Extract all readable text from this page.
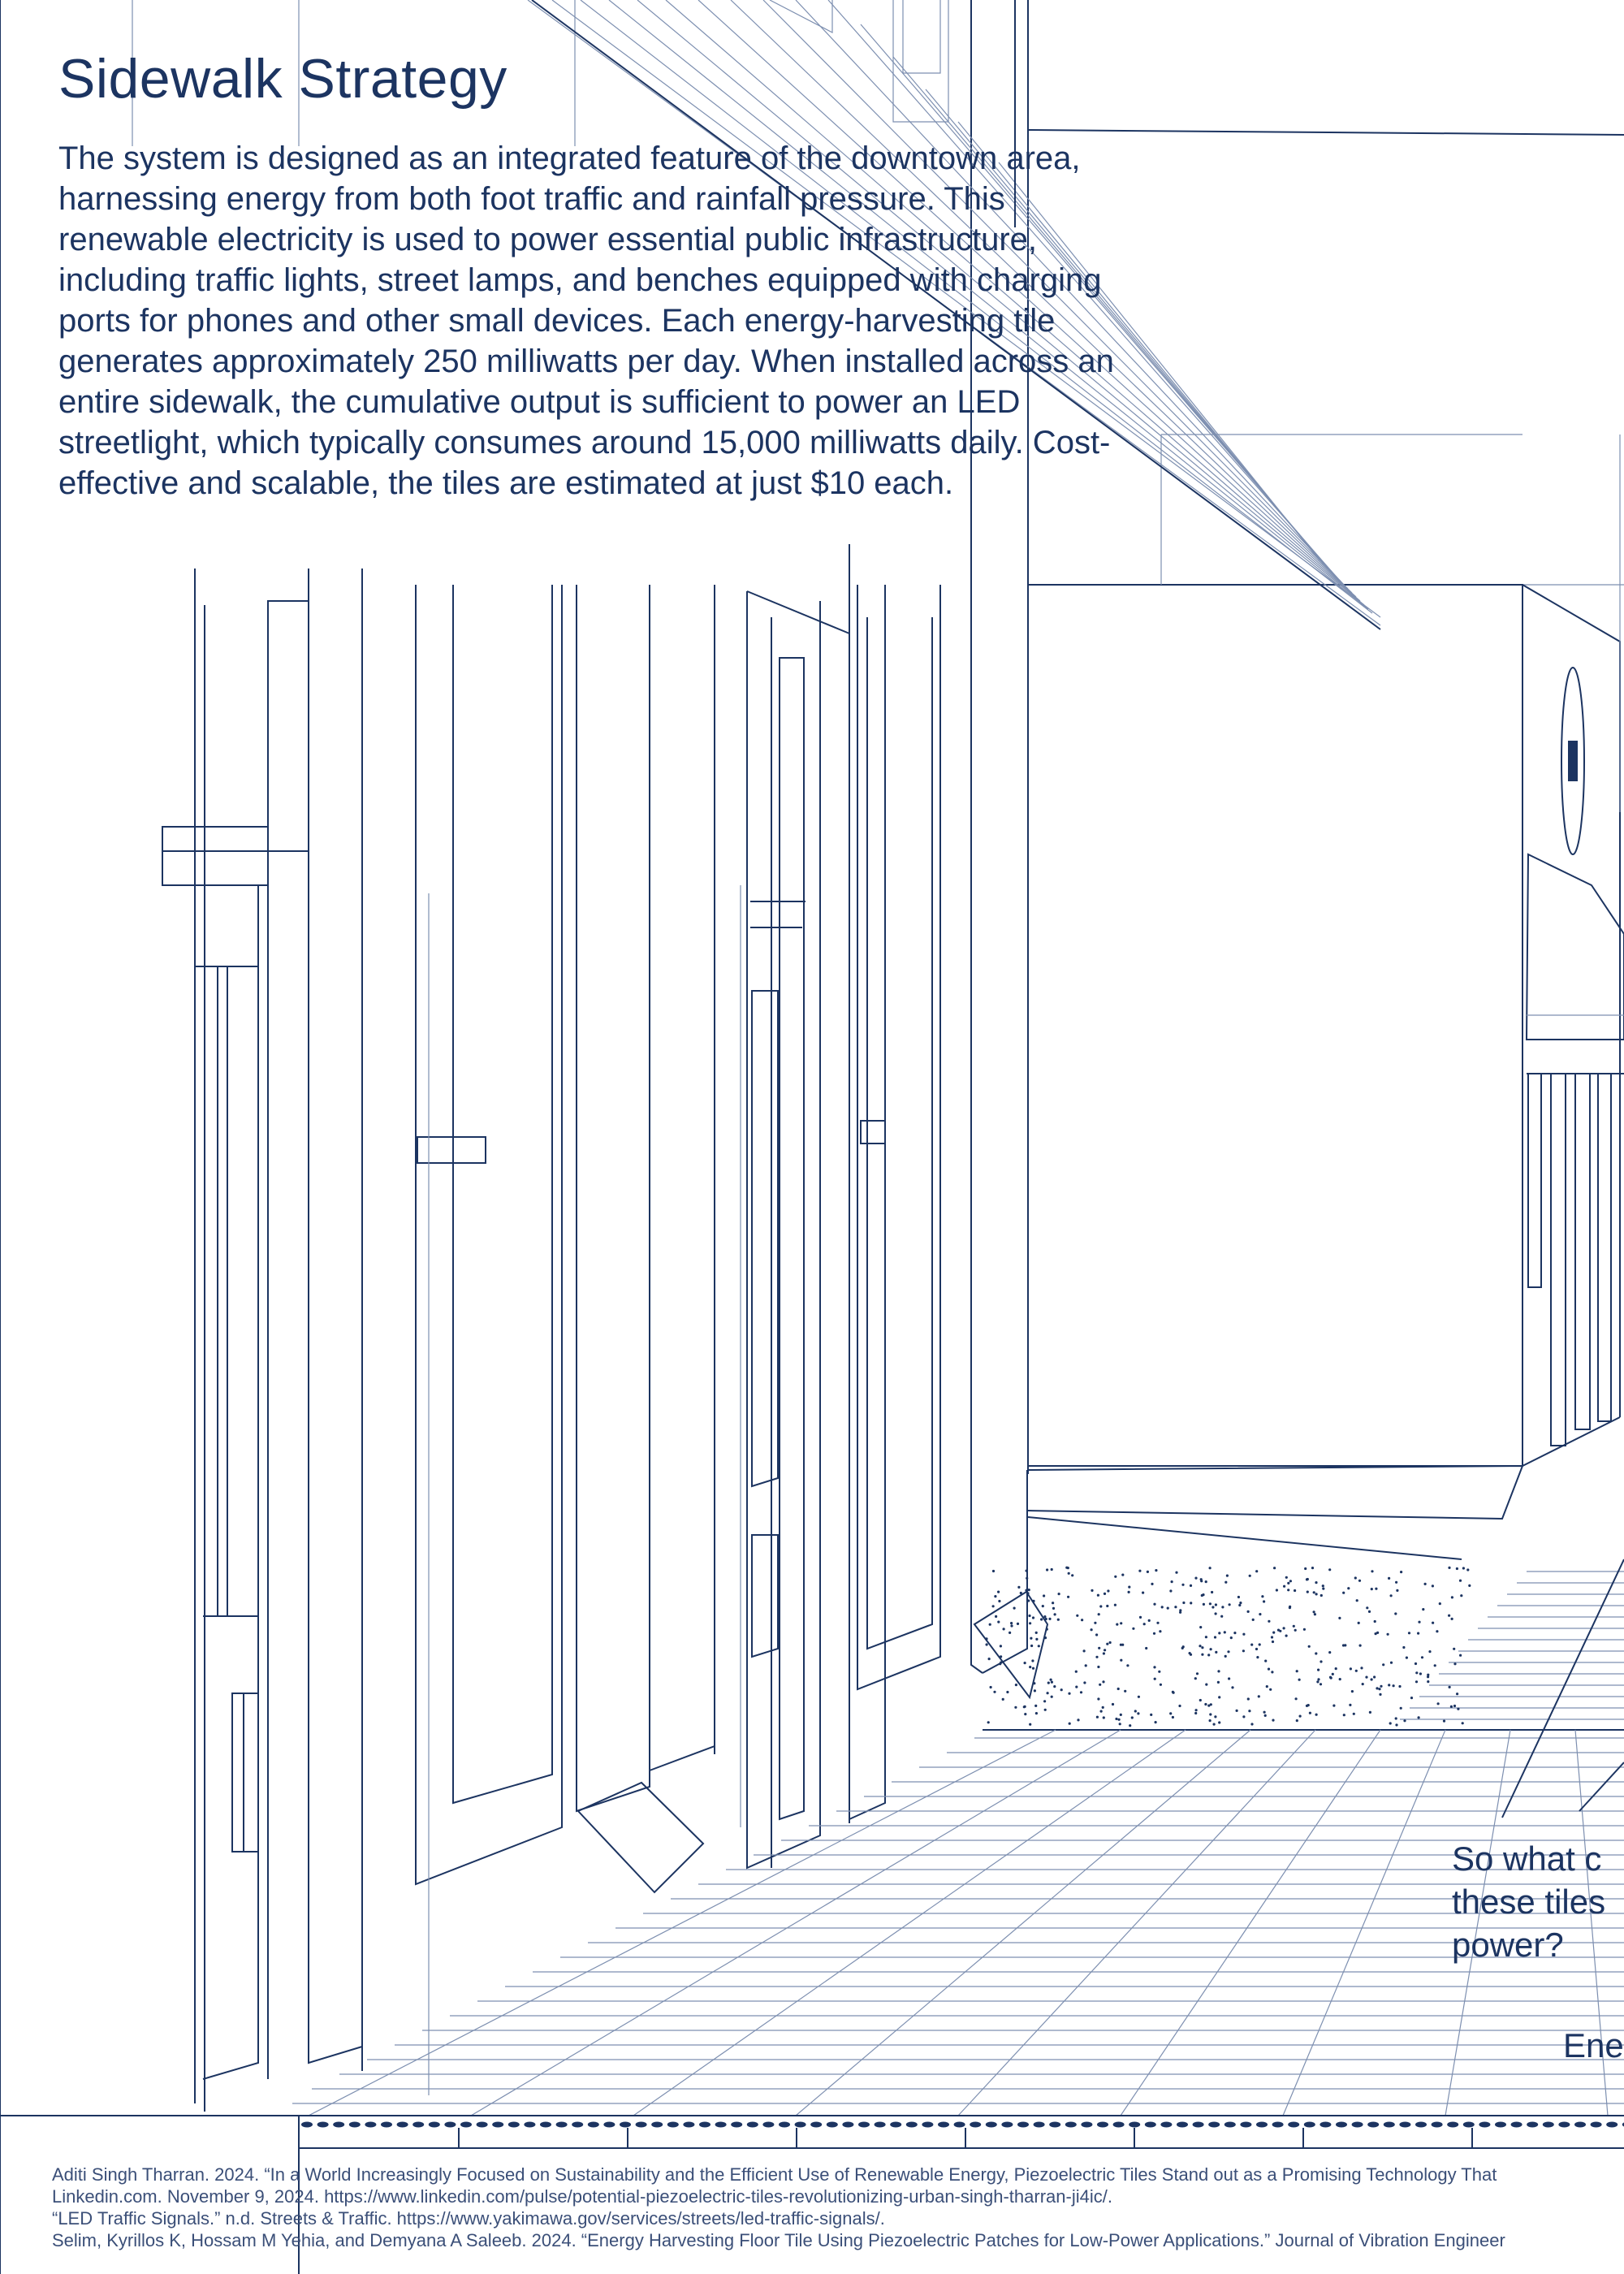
Sidewalk Strategy

The system is designed as an integrated feature of the downtown area, harnessing energy from both foot traffic and rainfall pressure. This renewable electricity is used to power essential public infrastructure, including traffic lights, street lamps, and benches equipped with charging ports for phones and other small devices. Each energy-harvesting tile generates approximately 250 milliwatts per day. When installed across an entire sidewalk, the cumulative output is sufficient to power an LED streetlight, which typically consumes around 15,000 milliwatts daily. Cost-effective and scalable, the tiles are estimated at just $10 each.

So what c
these tiles
power?
Ene
Aditi Singh Tharran. 2024. “In a World Increasingly Focused on Sustainability and the Efficient Use of Renewable Energy, Piezoelectric Tiles Stand out as a Promising Technology That
Linkedin.com. November 9, 2024. https://www.linkedin.com/pulse/potential-piezoelectric-tiles-revolutionizing-urban-singh-tharran-ji4ic/.
“LED Traffic Signals.” n.d. Streets & Traffic. https://www.yakimawa.gov/services/streets/led-traffic-signals/.
Selim, Kyrillos K, Hossam M Yehia, and Demyana A Saleeb. 2024. “Energy Harvesting Floor Tile Using Piezoelectric Patches for Low-Power Applications.” Journal of Vibration Engineer
